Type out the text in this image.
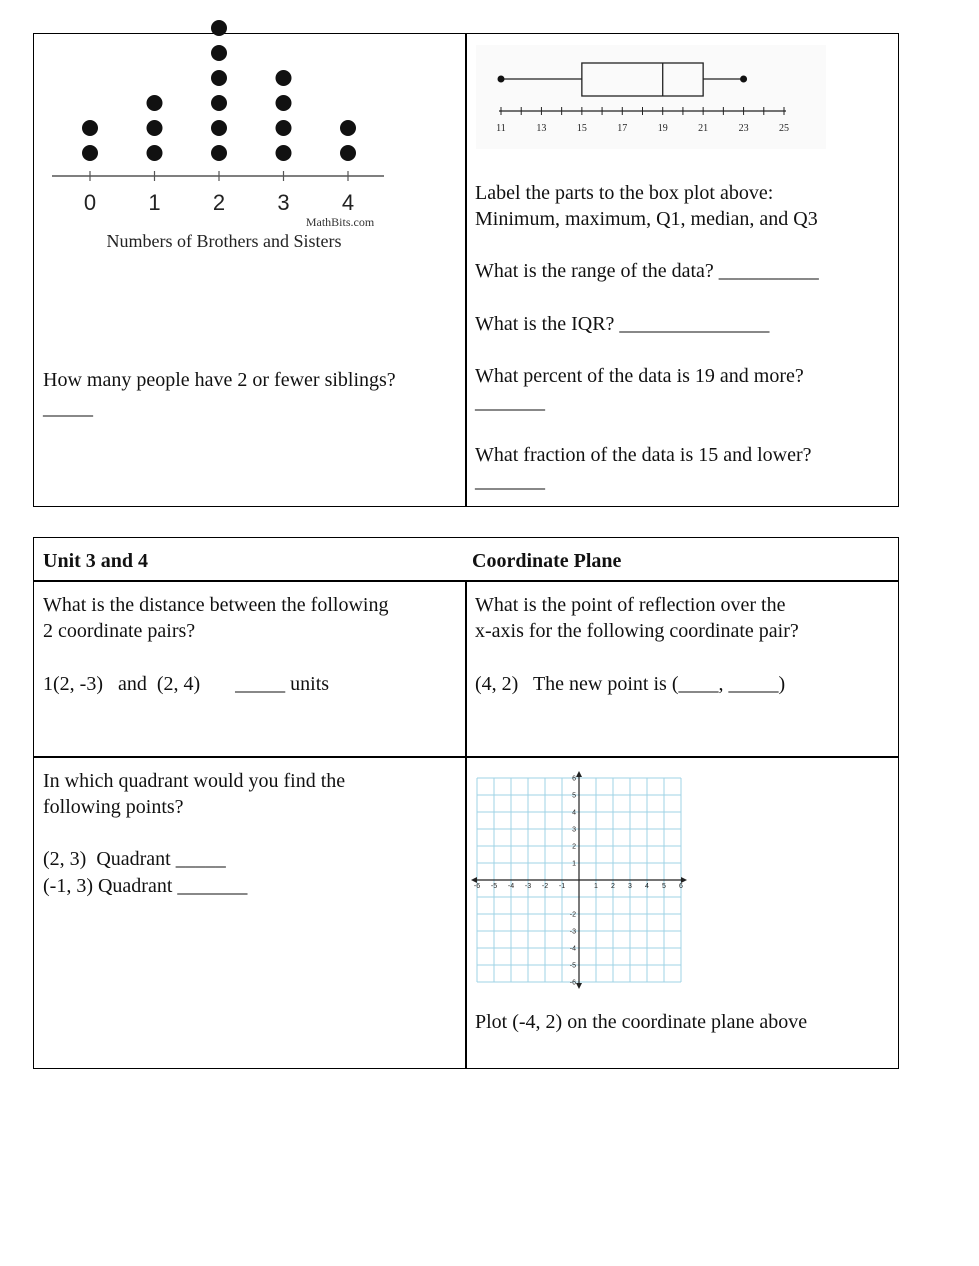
0 1 2 3 4
MathBits.com
Numbers of Brothers and Sisters
How many people have 2 or fewer siblings?
_____
11	13	15	17	19	21	23	25
Label the parts to the box plot above:
Minimum, maximum, Q1, median, and Q3
What is the range of the data? __________
What is the IQR? _______________
What percent of the data is 19 and more?
_______
What fraction of the data is 15 and lower?
_______
Unit 3 and 4	Coordinate Plane
What is the distance between the following
2 coordinate pairs?
1(2, -3)   and  (2, 4)       _____ units
What is the point of reflection over the
x-axis for the following coordinate pair?
(4, 2)   The new point is (____, _____)
In which quadrant would you find the
following points?
(2, 3)  Quadrant _____
(-1, 3) Quadrant _______	-6 -5 -4 -3 -2 -1	1 2 3 4 5 6
6
5
4
3
2
1
-2
-3
-4
-5
-6
Plot (-4, 2) on the coordinate plane above
